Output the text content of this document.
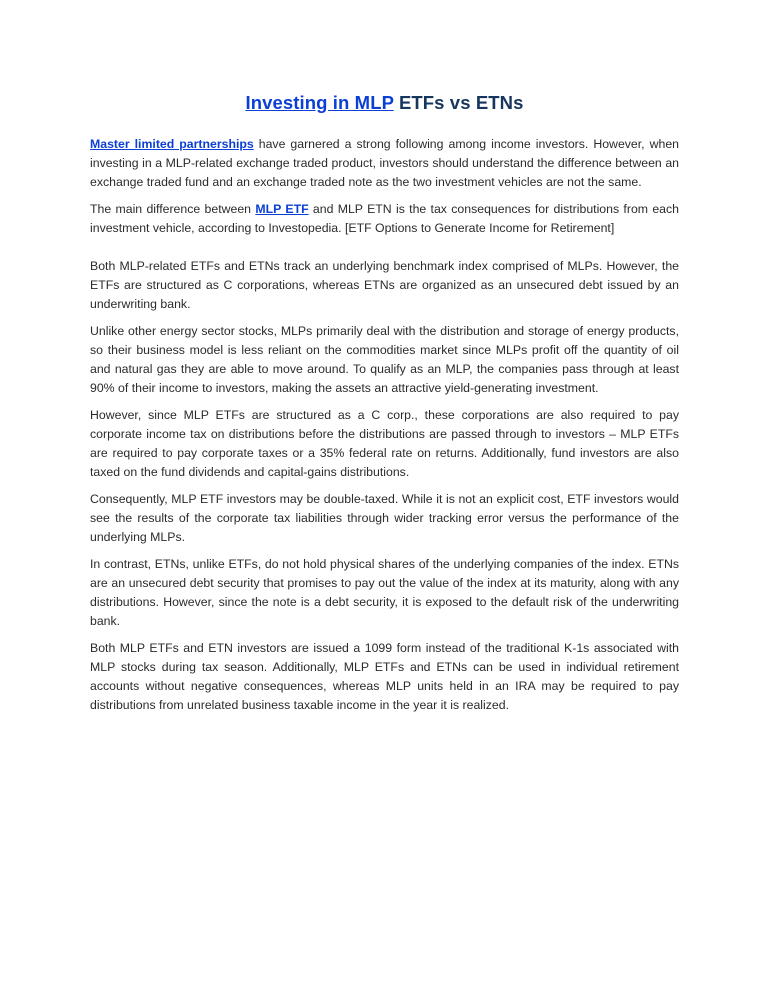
Investing in MLP ETFs vs ETNs

Master limited partnerships have garnered a strong following among income investors. However, when investing in a MLP-related exchange traded product, investors should understand the difference between an exchange traded fund and an exchange traded note as the two investment vehicles are not the same.

The main difference between MLP ETF and MLP ETN is the tax consequences for distributions from each investment vehicle, according to Investopedia. [ETF Options to Generate Income for Retirement]

Both MLP-related ETFs and ETNs track an underlying benchmark index comprised of MLPs. However, the ETFs are structured as C corporations, whereas ETNs are organized as an unsecured debt issued by an underwriting bank.

Unlike other energy sector stocks, MLPs primarily deal with the distribution and storage of energy products, so their business model is less reliant on the commodities market since MLPs profit off the quantity of oil and natural gas they are able to move around. To qualify as an MLP, the companies pass through at least 90% of their income to investors, making the assets an attractive yield-generating investment.

However, since MLP ETFs are structured as a C corp., these corporations are also required to pay corporate income tax on distributions before the distributions are passed through to investors – MLP ETFs are required to pay corporate taxes or a 35% federal rate on returns. Additionally, fund investors are also taxed on the fund dividends and capital-gains distributions.

Consequently, MLP ETF investors may be double-taxed. While it is not an explicit cost, ETF investors would see the results of the corporate tax liabilities through wider tracking error versus the performance of the underlying MLPs.

In contrast, ETNs, unlike ETFs, do not hold physical shares of the underlying companies of the index. ETNs are an unsecured debt security that promises to pay out the value of the index at its maturity, along with any distributions. However, since the note is a debt security, it is exposed to the default risk of the underwriting bank.

Both MLP ETFs and ETN investors are issued a 1099 form instead of the traditional K-1s associated with MLP stocks during tax season. Additionally, MLP ETFs and ETNs can be used in individual retirement accounts without negative consequences, whereas MLP units held in an IRA may be required to pay distributions from unrelated business taxable income in the year it is realized.
